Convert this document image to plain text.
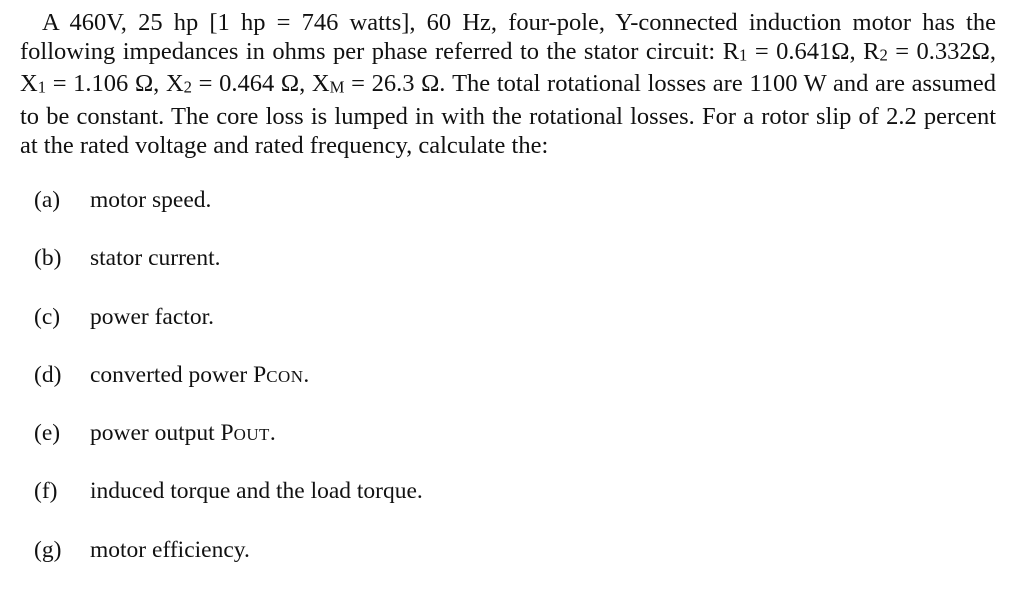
A 460V, 25 hp [1 hp = 746 watts], 60 Hz, four-pole, Y-connected induction motor has the
following impedances in ohms per phase referred to the stator circuit: R1 = 0.641Ω, R2 = 0.332Ω,
X1 = 1.106 Ω, X2 = 0.464 Ω, XM = 26.3 Ω. The total rotational losses are 1100 W and are assumed
to be constant. The core loss is lumped in with the rotational losses. For a rotor slip of 2.2 percent
at the rated voltage and rated frequency, calculate the:
(a) motor speed.
(b) stator current.
(c) power factor.
(d) converted power PCON.
(e) power output POUT.
(f) induced torque and the load torque.
(g) motor efficiency.
